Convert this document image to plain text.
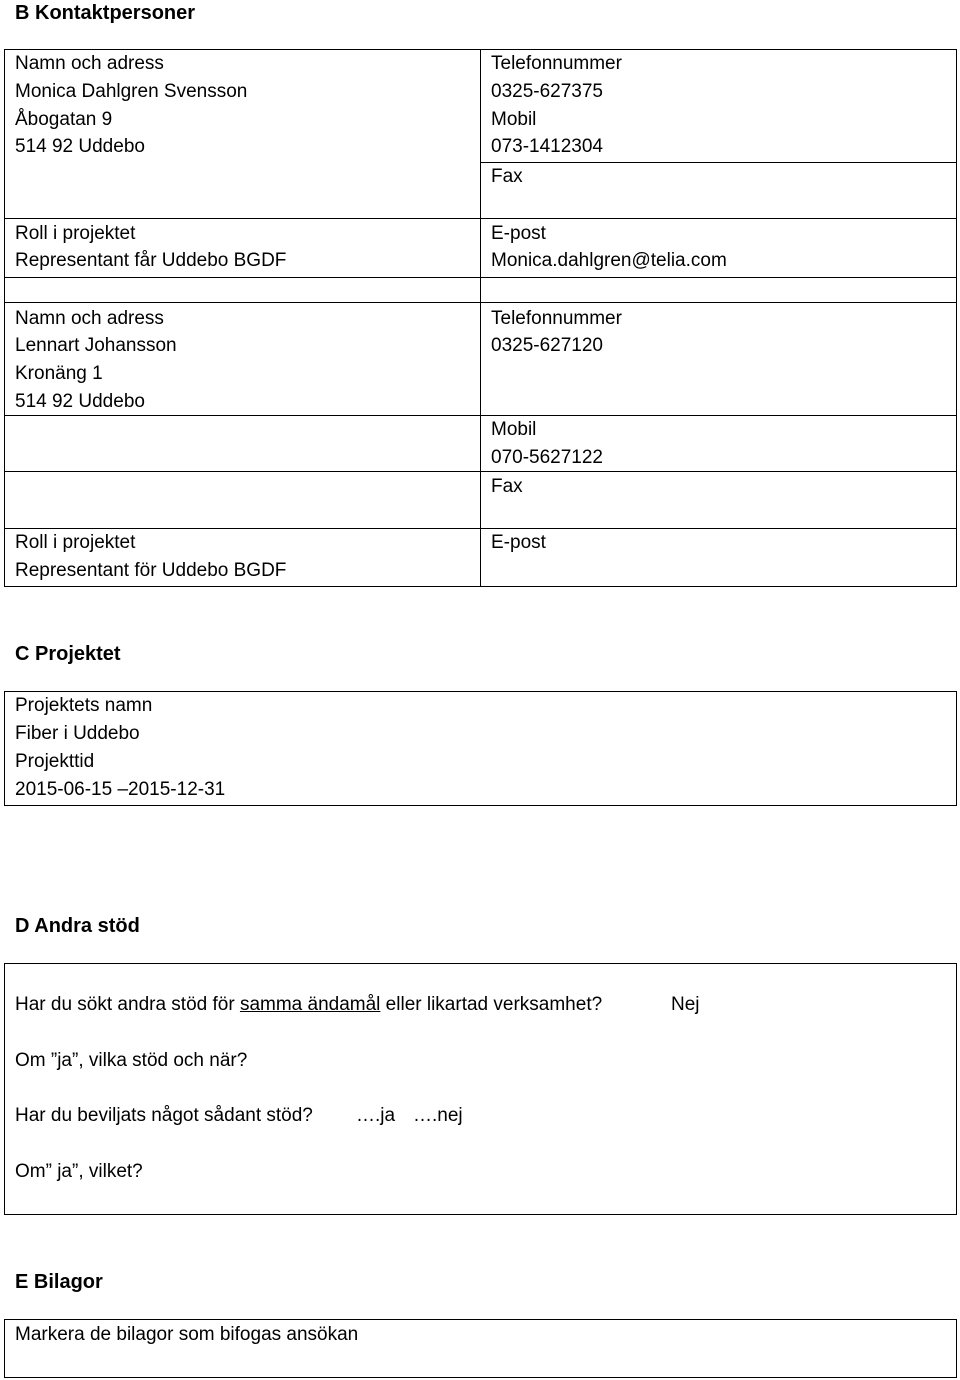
B Kontaktpersoner
Namn och adress
Monica Dahlgren Svensson
Åbogatan 9
514 92 Uddebo
Roll i projektet
Representant får Uddebo BGDF
Telefonnummer
0325-627375
Mobil
073-1412304
Fax
E-post
Monica.dahlgren@telia.com
Namn och adress
Lennart Johansson
Kronäng 1
514 92 Uddebo
Roll i projektet
Representant för Uddebo BGDF
Telefonnummer
0325-627120
Mobil
070-5627122
Fax
E-post
C Projektet
Projektets namn
Fiber i Uddebo
Projekttid
2015-06-15 –2015-12-31
D Andra stöd
Har du sökt andra stöd för samma ändamål eller likartad verksamhet?	Nej
Om ”ja”, vilka stöd och när?
Har du beviljats något sådant stöd? ….ja ….nej
Om” ja”, vilket?
E Bilagor
Markera de bilagor som bifogas ansökan
